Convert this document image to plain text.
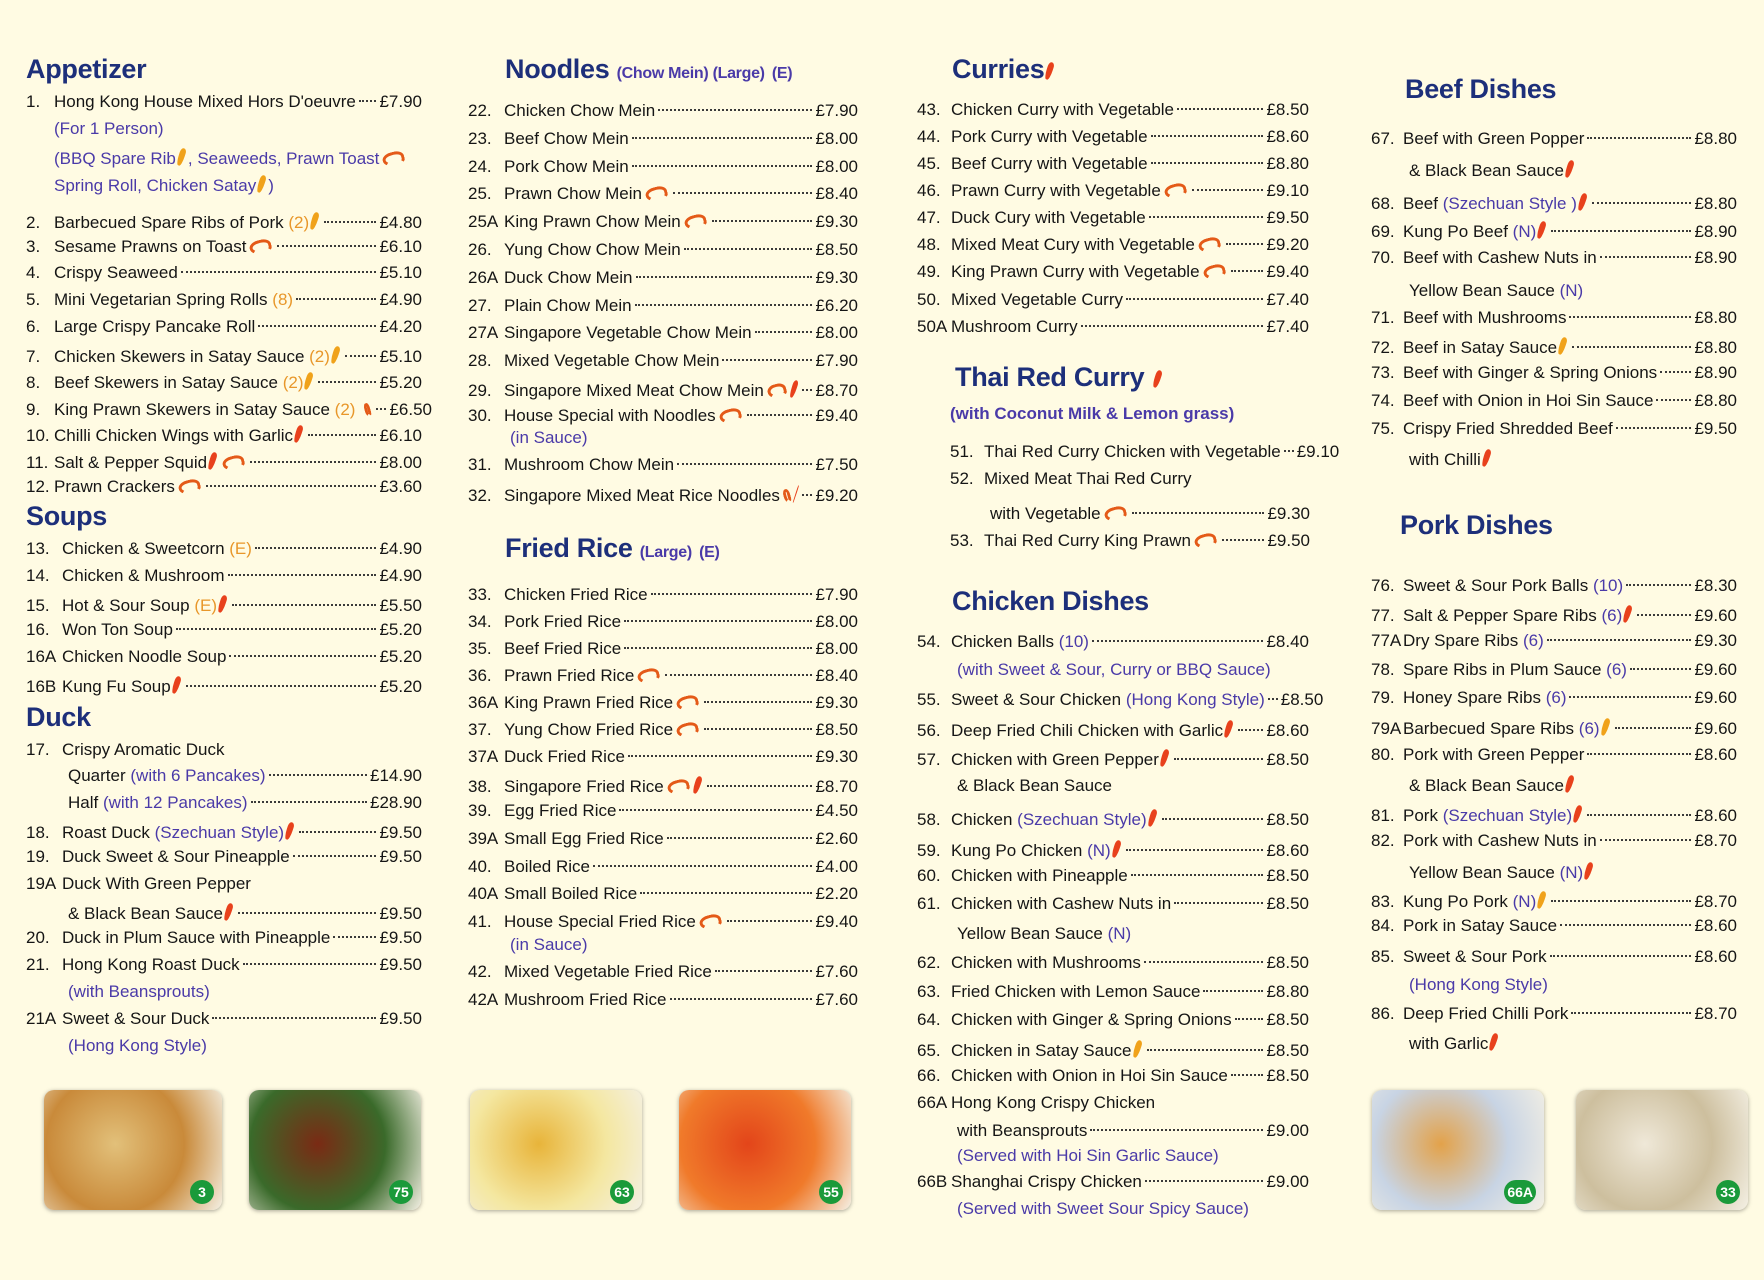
Appetizer
1. Hong Kong House Mixed Hors D'oeuvre £7.90
2. Barbecued Spare Ribs of Pork
(2)	£4.80
3. Sesame Prawns on Toast	£6.10
4. Crispy Seaweed	£5.10
5. Mini Vegetarian Spring Rolls
(8)	£4.90
6. Large Crispy Pancake Roll	£4.20
7. Chicken Skewers in Satay Sauce
(2)	£5.10
8. Beef Skewers in Satay Sauce
(2)	£5.20
9. King Prawn Skewers in Satay Sauce
(2) £6.50
10. Chilli Chicken Wings with Garlic	£6.10
11. Salt & Pepper Squid	£8.00
12. Prawn Crackers	£3.60
(For 1 Person)
(BBQ Spare Rib , Seaweeds, Prawn Toast
Spring Roll, Chicken Satay )
Soups
13. Chicken & Sweetcorn
(E)	£4.90
14. Chicken & Mushroom	£4.90
15. Hot & Sour Soup
(E)	£5.50
16. Won Ton Soup	£5.20
16A Chicken Noodle Soup	£5.20
16B Kung Fu Soup	£5.20
Duck
17. Crispy Aromatic Duck
Quarter
(with 6 Pancakes)	£14.90
Half
(with 12 Pancakes)	£28.90
18. Roast Duck
(Szechuan Style)	£9.50
19. Duck Sweet & Sour Pineapple	£9.50
19A Duck With Green Pepper
& Black Bean Sauce	£9.50
20. Duck in Plum Sauce with Pineapple	£9.50
21. Hong Kong Roast Duck	£9.50
(with Beansprouts)
21A Sweet & Sour Duck	£9.50
(Hong Kong Style)
Noodles (Chow Mein) (Large) (E)
22. Chicken Chow Mein	£7.90
23. Beef Chow Mein	£8.00
24. Pork Chow Mein	£8.00
25. Prawn Chow Mein	£8.40
25A King Prawn Chow Mein	£9.30
26. Yung Chow Chow Mein	£8.50
26A Duck Chow Mein	£9.30
27. Plain Chow Mein	£6.20
27A Singapore Vegetable Chow Mein	£8.00
28. Mixed Vegetable Chow Mein	£7.90
29. Singapore Mixed Meat Chow Mein	£8.70
30. House Special with Noodles	£9.40
(in Sauce)
31. Mushroom Chow Mein	£7.50
32. Singapore Mixed Meat Rice Noodles £9.20
Fried Rice (Large) (E)
33. Chicken Fried Rice	£7.90
34. Pork Fried Rice	£8.00
35. Beef Fried Rice	£8.00
36. Prawn Fried Rice	£8.40
36A King Prawn Fried Rice	£9.30
37. Yung Chow Fried Rice	£8.50
37A Duck Fried Rice	£9.30
38. Singapore Fried Rice	£8.70
39. Egg Fried Rice	£4.50
39A Small Egg Fried Rice	£2.60
40. Boiled Rice	£4.00
40A Small Boiled Rice	£2.20
41. House Special Fried Rice	£9.40
(in Sauce)
42. Mixed Vegetable Fried Rice	£7.60
42A Mushroom Fried Rice	£7.60
Curries
43. Chicken Curry with Vegetable	£8.50
44. Pork Curry with Vegetable	£8.60
45. Beef Curry with Vegetable	£8.80
46. Prawn Curry with Vegetable	£9.10
47. Duck Cury with Vegetable	£9.50
48. Mixed Meat Cury with Vegetable	£9.20
49. King Prawn Curry with Vegetable	£9.40
50. Mixed Vegetable Curry	£7.40
50A Mushroom Curry	£7.40
Thai Red Curry
(with Coconut Milk & Lemon grass)
51. Thai Red Curry Chicken with Vegetable £9.10
52. Mixed Meat Thai Red Curry
with Vegetable	£9.30
53. Thai Red Curry King Prawn	£9.50
Chicken Dishes
54. Chicken Balls
(10)	£8.40
(with Sweet & Sour, Curry or BBQ Sauce)
55. Sweet & Sour Chicken
(Hong Kong Style) £8.50
56. Deep Fried Chili Chicken with Garlic	£8.60
57. Chicken with Green Pepper	£8.50
& Black Bean Sauce
58. Chicken
(Szechuan Style)	£8.50
59. Kung Po Chicken
(N)	£8.60
60. Chicken with Pineapple	£8.50
61. Chicken with Cashew Nuts in	£8.50
Yellow Bean Sauce
(N)
62. Chicken with Mushrooms	£8.50
63. Fried Chicken with Lemon Sauce	£8.80
64. Chicken with Ginger & Spring Onions £8.50
65. Chicken in Satay Sauce	£8.50
66. Chicken with Onion in Hoi Sin Sauce £8.50
66A Hong Kong Crispy Chicken
with Beansprouts	£9.00
(Served with Hoi Sin Garlic Sauce)
66B Shanghai Crispy Chicken	£9.00
(Served with Sweet Sour Spicy Sauce)
Beef Dishes
67. Beef with Green Popper	£8.80
& Black Bean Sauce
68. Beef
(Szechuan Style )	£8.80
69. Kung Po Beef
(N)	£8.90
70. Beef with Cashew Nuts in	£8.90
Yellow Bean Sauce
(N)
71. Beef with Mushrooms	£8.80
72. Beef in Satay Sauce	£8.80
73. Beef with Ginger & Spring Onions £8.90
74. Beef with Onion in Hoi Sin Sauce £8.80
75. Crispy Fried Shredded Beef	£9.50
with Chilli
Pork Dishes
76. Sweet & Sour Pork Balls
(10)	£8.30
77. Salt & Pepper Spare Ribs
(6)	£9.60
77A Dry Spare Ribs
(6)	£9.30
78. Spare Ribs in Plum Sauce
(6)	£9.60
79. Honey Spare Ribs
(6)	£9.60
79A Barbecued Spare Ribs
(6)	£9.60
80. Pork with Green Pepper	£8.60
& Black Bean Sauce
81. Pork
(Szechuan Style)	£8.60
82. Pork with Cashew Nuts in	£8.70
Yellow Bean Sauce
(N)
83. Kung Po Pork
(N)	£8.70
84. Pork in Satay Sauce	£8.60
85. Sweet & Sour Pork	£8.60
(Hong Kong Style)
86. Deep Fried Chilli Pork	£8.70
with Garlic
3	75	63	55	66A	33
